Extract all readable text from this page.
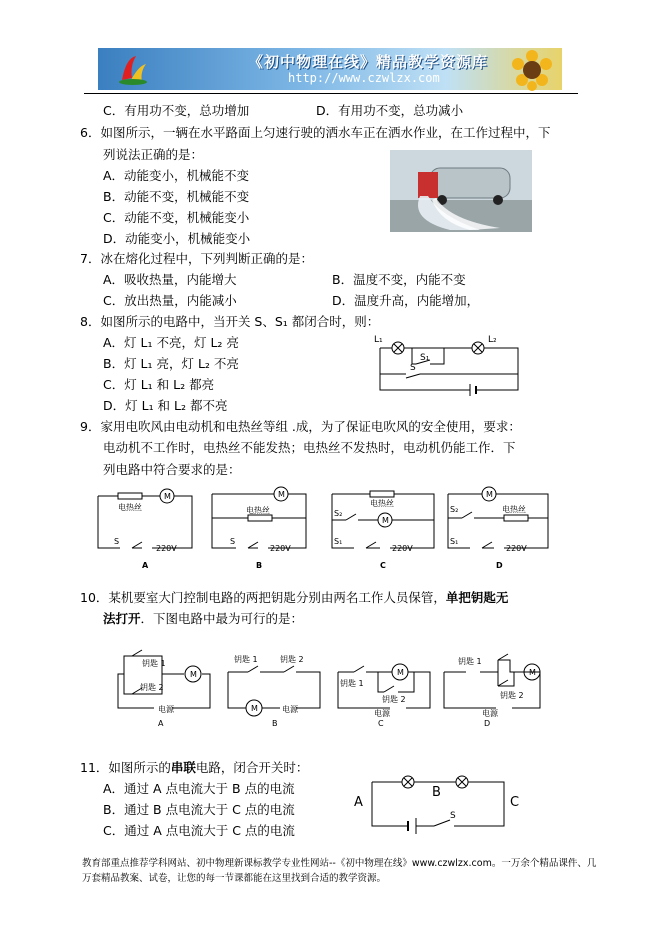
《初中物理在线》精品教学资源库
http://www.czwlzx.com
C．有用功不变，总功增加	D．有用功不变，总功减小
6．如图所示，一辆在水平路面上匀速行驶的洒水车正在洒水作业，在工作过程中，下
列说法正确的是：
A．动能变小，机械能不变
B．动能不变，机械能不变
C．动能不变，机械能变小
D．动能变小，机械能变小
7．冰在熔化过程中，下列判断正确的是：
A．吸收热量，内能增大	B．温度不变，内能不变
C．放出热量，内能减小	D．温度升高，内能增加，
8．如图所示的电路中，当开关 S、S₁ 都闭合时，则：
A．灯 L₁ 不亮，灯 L₂ 亮
B．灯 L₁ 亮，灯 L₂ 不亮
C．灯 L₁ 和 L₂ 都亮
D．灯 L₁ 和 L₂ 都不亮
L₁	L₂
S₁
S
9．家用电吹风由电动机和电热丝等组 .成，为了保证电吹风的安全使用，要求：
电动机不工作时，电热丝不能发热；电热丝不发热时，电动机仍能工作．下
列电路中符合要求的是：
M
电热丝
S
220V
A
M
电热丝
S
220V
B
M
电热丝
S₂
S₁
220V
C
M
电热丝
S₂
S₁
220V
D
10．某机要室大门控制电路的两把钥匙分别由两名工作人员保管，单把钥匙无
法打开．下图电路中最为可行的是：
M
钥匙 1
钥匙 2
电源
A
M
钥匙 1	钥匙 2
电源
B
M
钥匙 1
钥匙 2
电源
C
M
钥匙 1
钥匙 2
电源
D
11．如图所示的串联电路，闭合开关时：
A．通过 A 点电流大于 B 点的电流
B．通过 B 点电流大于 C 点的电流
C．通过 A 点电流大于 C 点的电流
A
B
C
S
教育部重点推荐学科网站、初中物理新课标教学专业性网站--《初中物理在线》www.czwlzx.com。一万余个精品课件、几万套精品教案、试卷，让您的每一节课都能在这里找到合适的教学资源。
